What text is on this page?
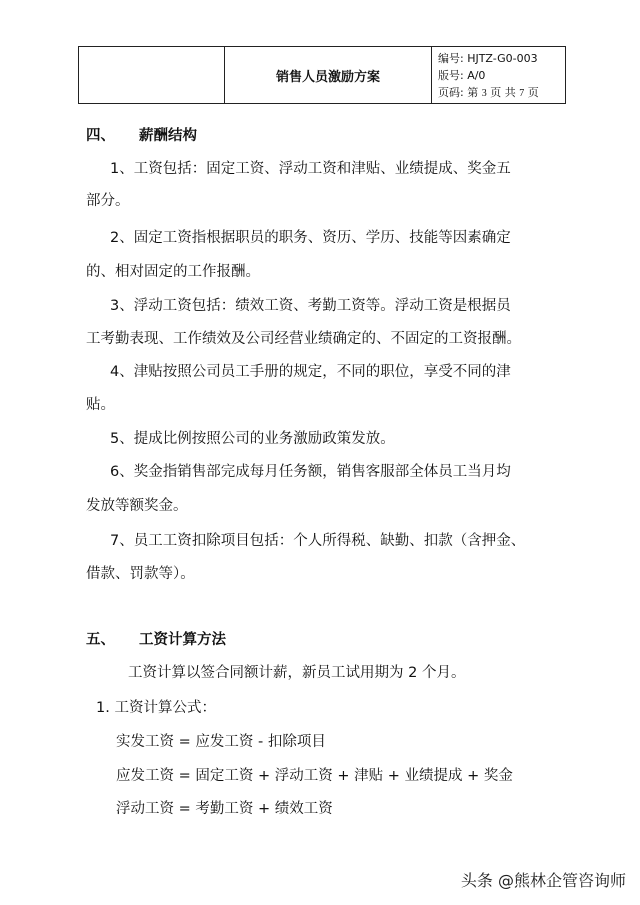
销售人员激励方案
编号: HJTZ-G0-003
版号: A/0
页码: 第 3 页 共 7 页
四、 薪酬结构
1、工资包括：固定工资、浮动工资和津贴、业绩提成、奖金五
部分。
2、固定工资指根据职员的职务、资历、学历、技能等因素确定
的、相对固定的工作报酬。
3、浮动工资包括：绩效工资、考勤工资等。浮动工资是根据员
工考勤表现、工作绩效及公司经营业绩确定的、不固定的工资报酬。
4、津贴按照公司员工手册的规定，不同的职位，享受不同的津
贴。
5、提成比例按照公司的业务激励政策发放。
6、奖金指销售部完成每月任务额，销售客服部全体员工当月均
发放等额奖金。
7、员工工资扣除项目包括：个人所得税、缺勤、扣款（含押金、
借款、罚款等）。
五、 工资计算方法
工资计算以签合同额计薪，新员工试用期为 2 个月。
1. 工资计算公式：
实发工资 = 应发工资 - 扣除项目
应发工资 = 固定工资 + 浮动工资 + 津贴 + 业绩提成 + 奖金
浮动工资 = 考勤工资 + 绩效工资
头条 @熊林企管咨询师
